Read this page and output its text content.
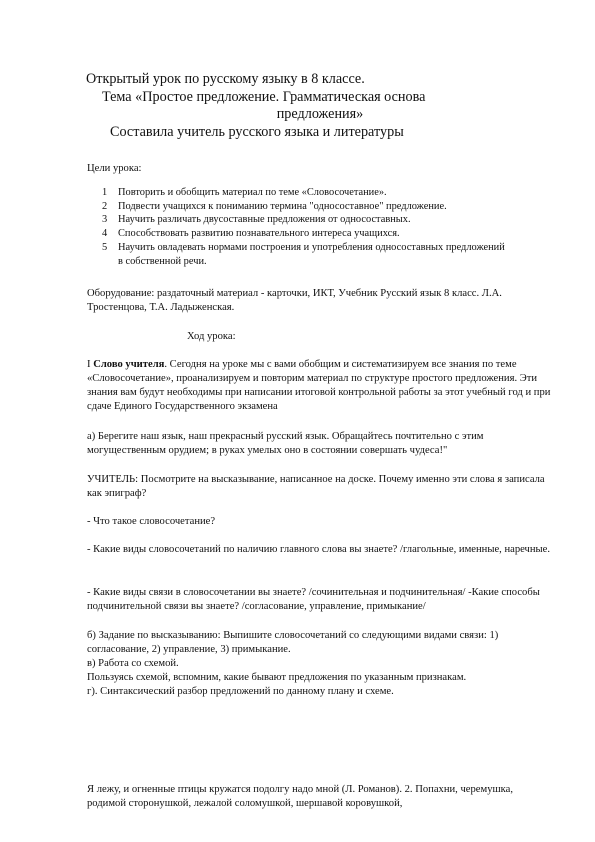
Открытый урок по русскому языку в 8 классе.
Тема «Простое предложение. Грамматическая основа
предложения»
Составила учитель русского языка и литературы
Цели урока:
1 Повторить и обобщить материал по теме «Словосочетание».
2 Подвести учащихся к пониманию термина "односоставное" предложение.
3 Научить различать двусоставные предложения от односоставных.
4 Способствовать развитию познавательного интереса учащихся.
5 Научить овладевать нормами построения и употребления односоставных предложений в собственной речи.
Оборудование: раздаточный материал - карточки, ИКТ, Учебник Русский язык 8 класс. Л.А. Тростенцова, Т.А. Ладыженская.
Ход урока:
I Слово учителя. Сегодня на уроке мы с вами обобщим и систематизируем все знания по теме «Словосочетание», проанализируем и повторим материал по структуре простого предложения. Эти знания вам будут необходимы при написании итоговой контрольной работы за этот учебный год и при сдаче Единого Государственного экзамена
а) Берегите наш язык, наш прекрасный русский язык. Обращайтесь почтительно с этим могущественным орудием; в руках умелых оно в состоянии совершать чудеса!"
УЧИТЕЛЬ: Посмотрите на высказывание, написанное на доске. Почему именно эти слова я записала как эпиграф?
- Что такое словосочетание?
- Какие виды словосочетаний по наличию главного слова вы знаете? /глагольные, именные, наречные.
- Какие виды связи в словосочетании вы знаете? /сочинительная и подчинительная/ -Какие способы подчинительной связи вы знаете? /согласование, управление, примыкание/
б) Задание по высказыванию: Выпишите словосочетаний со следующими видами связи: 1) согласование, 2) управление, 3) примыкание.
в) Работа со схемой.
Пользуясь схемой, вспомним, какие бывают предложения по указанным признакам.
г). Синтаксический разбор предложений по данному плану и схеме.
Я лежу, и огненные птицы кружатся подолгу надо мной (Л. Романов). 2. Попахни, черемушка, родимой сторонушкой, лежалой соломушкой, шершавой коровушкой,
